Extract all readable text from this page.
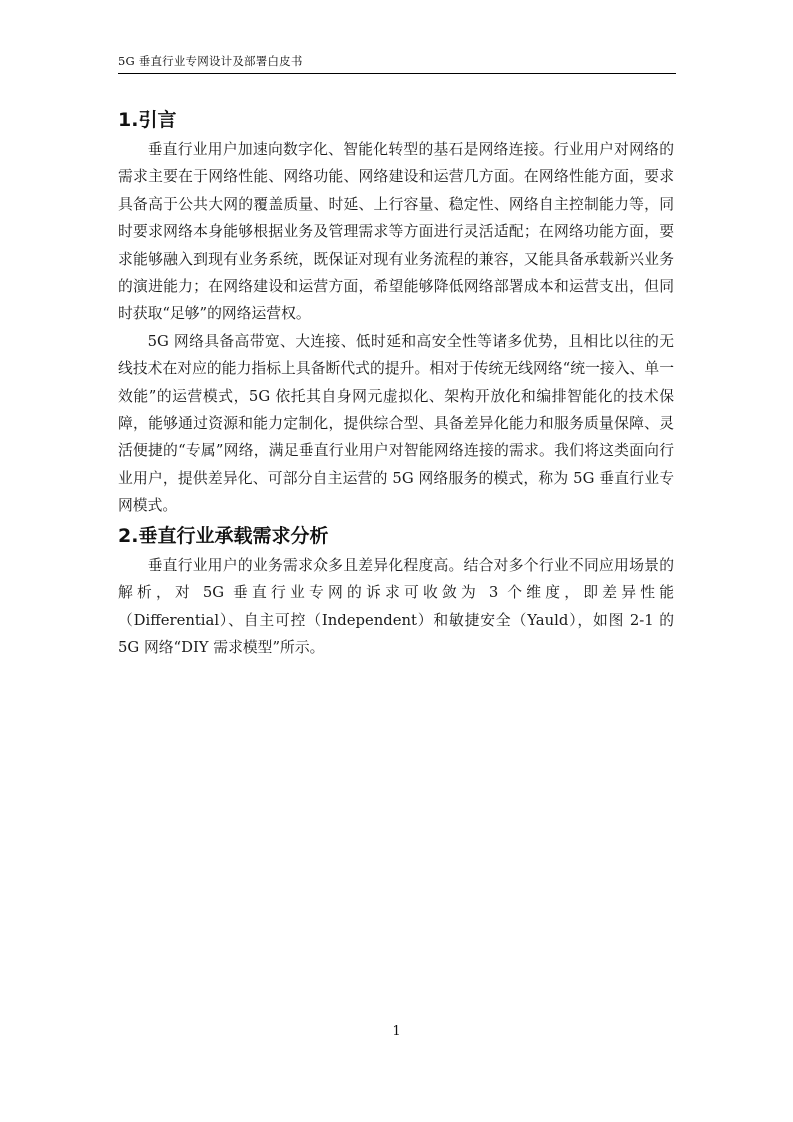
5G 垂直行业专网设计及部署白皮书
1.引言

垂直行业用户加速向数字化、智能化转型的基石是网络连接。行业用户对网络的需求主要在于网络性能、网络功能、网络建设和运营几方面。在网络性能方面，要求具备高于公共大网的覆盖质量、时延、上行容量、稳定性、网络自主控制能力等，同时要求网络本身能够根据业务及管理需求等方面进行灵活适配；在网络功能方面，要求能够融入到现有业务系统，既保证对现有业务流程的兼容，又能具备承载新兴业务的演进能力；在网络建设和运营方面，希望能够降低网络部署成本和运营支出，但同时获取“足够”的网络运营权。

5G 网络具备高带宽、大连接、低时延和高安全性等诸多优势，且相比以往的无线技术在对应的能力指标上具备断代式的提升。相对于传统无线网络“统一接入、单一效能”的运营模式，5G 依托其自身网元虚拟化、架构开放化和编排智能化的技术保障，能够通过资源和能力定制化，提供综合型、具备差异化能力和服务质量保障、灵活便捷的“专属”网络，满足垂直行业用户对智能网络连接的需求。我们将这类面向行业用户，提供差异化、可部分自主运营的 5G 网络服务的模式，称为 5G 垂直行业专网模式。

2.垂直行业承载需求分析

垂直行业用户的业务需求众多且差异化程度高。结合对多个行业不同应用场景的解析，对 5G 垂直行业专网的诉求可收敛为 3 个维度，即差异性能（Differential）、自主可控（Independent）和敏捷安全（Yauld），如图 2-1 的 5G 网络“DIY 需求模型”所示。

1
